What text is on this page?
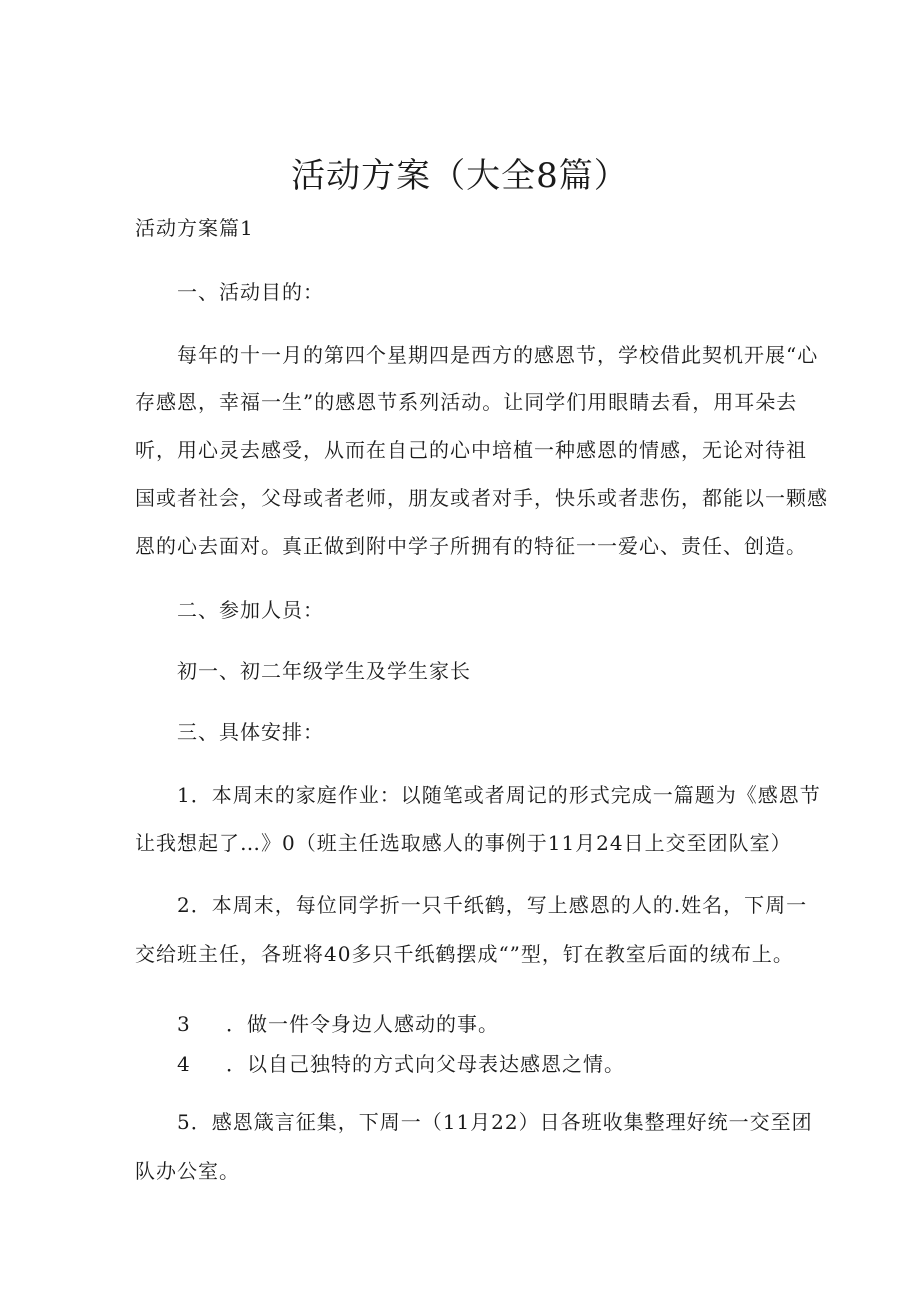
活动方案（大全8篇）

活动方案篇1

一、活动目的：

每年的十一月的第四个星期四是西方的感恩节，学校借此契机开展“心

存感恩，幸福一生”的感恩节系列活动。让同学们用眼睛去看，用耳朵去

听，用心灵去感受，从而在自己的心中培植一种感恩的情感，无论对待祖

国或者社会，父母或者老师，朋友或者对手，快乐或者悲伤，都能以一颗感

恩的心去面对。真正做到附中学子所拥有的特征一一爱心、责任、创造。

二、参加人员：

初一、初二年级学生及学生家长

三、具体安排：

1．本周末的家庭作业：以随笔或者周记的形式完成一篇题为《感恩节

让我想起了…》0（班主任选取感人的事例于11月24日上交至团队室）

2．本周末，每位同学折一只千纸鹤，写上感恩的人的.姓名，下周一

交给班主任，各班将40多只千纸鹤摆成“”型，钉在教室后面的绒布上。

3 ．做一件令身边人感动的事。

4 ．以自己独特的方式向父母表达感恩之情。

5．感恩箴言征集，下周一（11月22）日各班收集整理好统一交至团

队办公室。
